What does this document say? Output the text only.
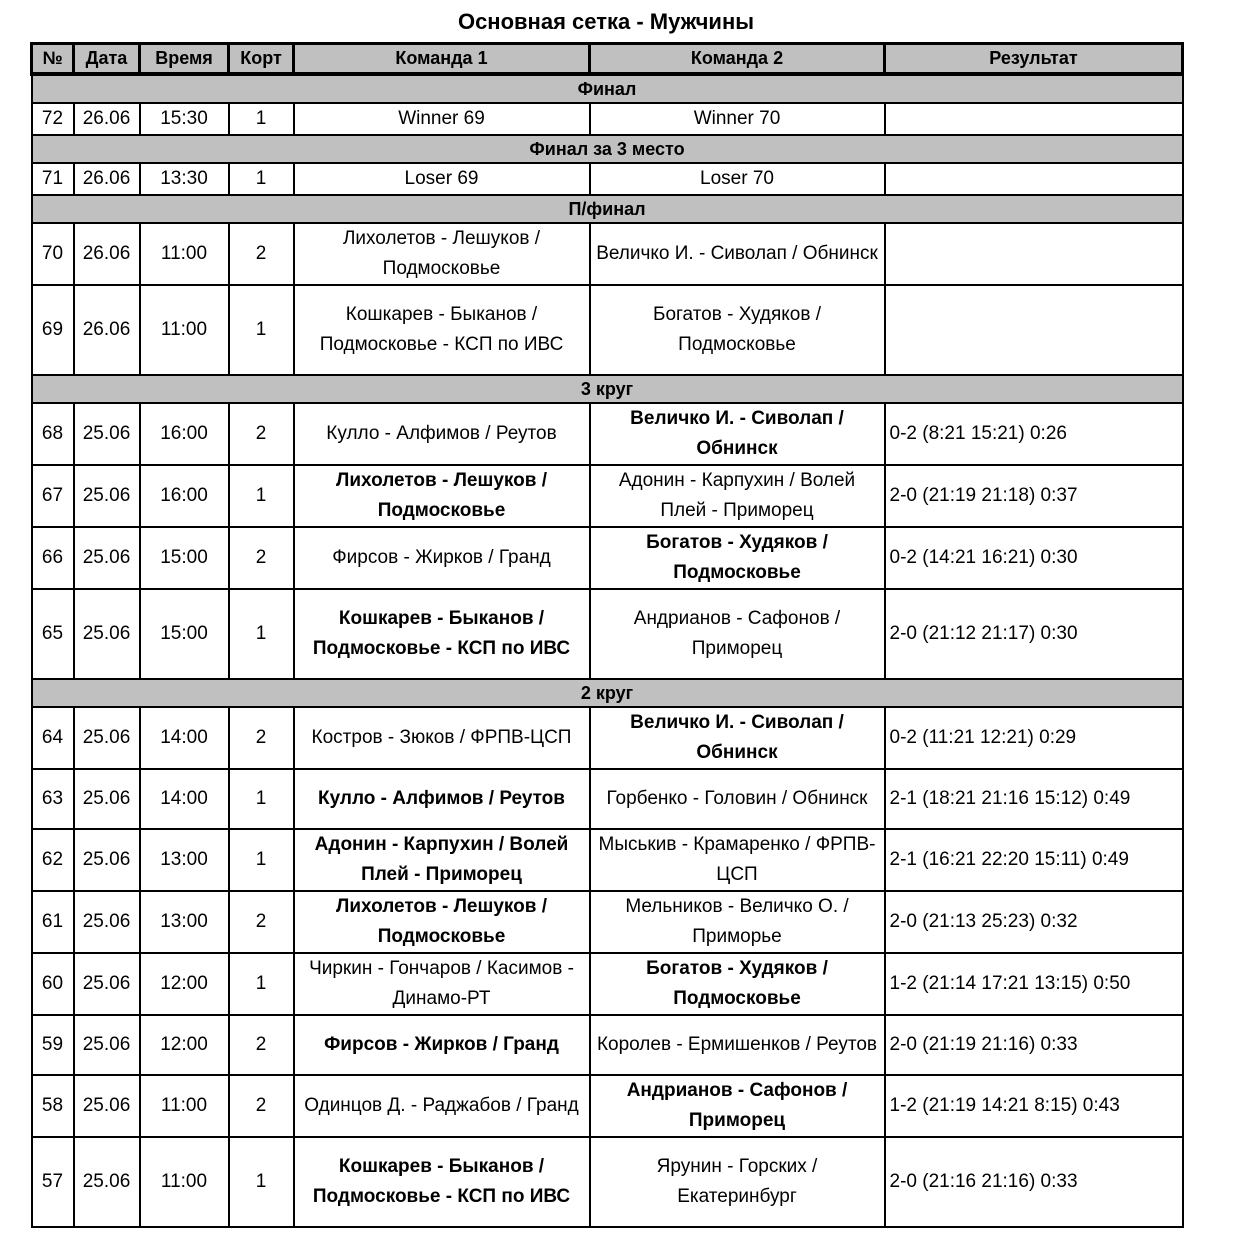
Основная сетка - Мужчины
№	Дата	Время	Корт	Команда 1	Команда 2	Результат
Финал						
72	26.06	15:30	1	Winner 69	Winner 70	
Финал за 3 место						
71	26.06	13:30	1	Loser 69	Loser 70	
П/финал						
70	26.06	11:00	2	Лихолетов - Лешуков / Подмосковье	Величко И. - Сиволап / Обнинск	
69	26.06	11:00	1	Кошкарев - Быканов / Подмосковье - КСП по ИВС	Богатов - Худяков / Подмосковье	
3 круг						
68	25.06	16:00	2	Кулло - Алфимов / Реутов	Величко И. - Сиволап / Обнинск	0-2 (8:21 15:21) 0:26
67	25.06	16:00	1	Лихолетов - Лешуков / Подмосковье	Адонин - Карпухин / Волей Плей - Приморец	2-0 (21:19 21:18) 0:37
66	25.06	15:00	2	Фирсов - Жирков / Гранд	Богатов - Худяков / Подмосковье	0-2 (14:21 16:21) 0:30
65	25.06	15:00	1	Кошкарев - Быканов / Подмосковье - КСП по ИВС	Андрианов - Сафонов / Приморец	2-0 (21:12 21:17) 0:30
2 круг						
64	25.06	14:00	2	Костров - Зюков / ФРПВ-ЦСП	Величко И. - Сиволап / Обнинск	0-2 (11:21 12:21) 0:29
63	25.06	14:00	1	Кулло - Алфимов / Реутов	Горбенко - Головин / Обнинск	2-1 (18:21 21:16 15:12) 0:49
62	25.06	13:00	1	Адонин - Карпухин / Волей Плей - Приморец	Мыськив - Крамаренко / ФРПВ-ЦСП	2-1 (16:21 22:20 15:11) 0:49
61	25.06	13:00	2	Лихолетов - Лешуков / Подмосковье	Мельников - Величко О. / Приморье	2-0 (21:13 25:23) 0:32
60	25.06	12:00	1	Чиркин - Гончаров / Касимов - Динамо-РТ	Богатов - Худяков / Подмосковье	1-2 (21:14 17:21 13:15) 0:50
59	25.06	12:00	2	Фирсов - Жирков / Гранд	Королев - Ермишенков / Реутов	2-0 (21:19 21:16) 0:33
58	25.06	11:00	2	Одинцов Д. - Раджабов / Гранд	Андрианов - Сафонов / Приморец	1-2 (21:19 14:21 8:15) 0:43
57	25.06	11:00	1	Кошкарев - Быканов / Подмосковье - КСП по ИВС	Ярунин - Горских / Екатеринбург	2-0 (21:16 21:16) 0:33
